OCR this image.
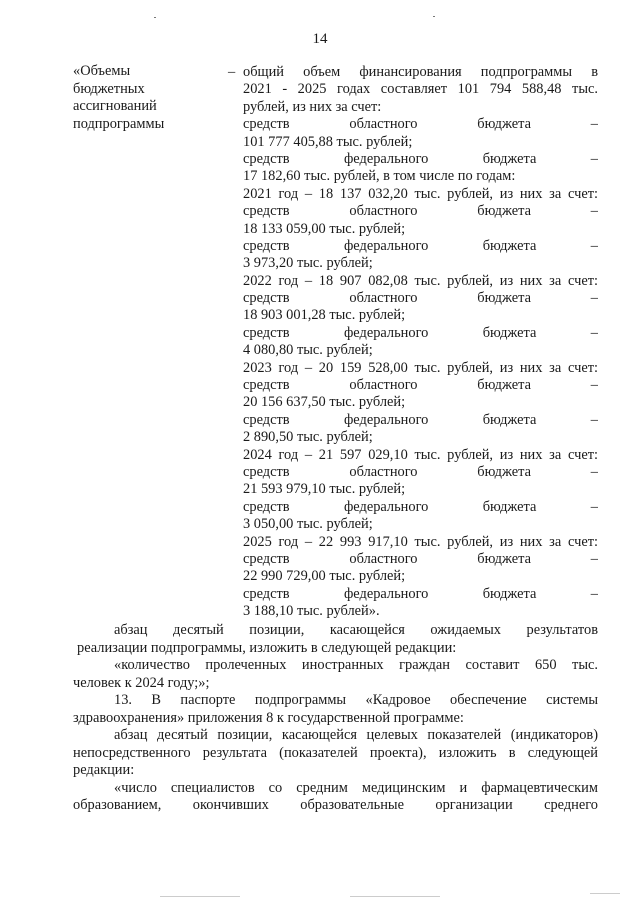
14
«Объемы
бюджетных
ассигнований
подпрограммы
– общий объем финансирования подпрограммы в
2021 - 2025 годах составляет 101 794 588,48 тыс.
рублей, из них за счет:
средств областного бюджета –
101 777 405,88 тыс. рублей;
средств федерального бюджета –
17 182,60 тыс. рублей, в том числе по годам:
2021 год – 18 137 032,20 тыс. рублей, из них за счет:
средств областного бюджета –
18 133 059,00 тыс. рублей;
средств федерального бюджета –
3 973,20 тыс. рублей;
2022 год – 18 907 082,08 тыс. рублей, из них за счет:
средств областного бюджета –
18 903 001,28 тыс. рублей;
средств федерального бюджета –
4 080,80 тыс. рублей;
2023 год – 20 159 528,00 тыс. рублей, из них за счет:
средств областного бюджета –
20 156 637,50 тыс. рублей;
средств федерального бюджета –
2 890,50 тыс. рублей;
2024 год – 21 597 029,10 тыс. рублей, из них за счет:
средств областного бюджета –
21 593 979,10 тыс. рублей;
средств федерального бюджета –
3 050,00 тыс. рублей;
2025 год – 22 993 917,10 тыс. рублей, из них за счет:
средств областного бюджета –
22 990 729,00 тыс. рублей;
средств федерального бюджета –
3 188,10 тыс. рублей».
абзац десятый позиции, касающейся ожидаемых результатов
реализации подпрограммы, изложить в следующей редакции:
«количество пролеченных иностранных граждан составит 650 тыс.
человек к 2024 году;»;
13. В паспорте подпрограммы «Кадровое обеспечение системы
здравоохранения» приложения 8 к государственной программе:
абзац десятый позиции, касающейся целевых показателей (индикаторов)
непосредственного результата (показателей проекта), изложить в следующей
редакции:
«число специалистов со средним медицинским и фармацевтическим
образованием, окончивших образовательные организации среднего
